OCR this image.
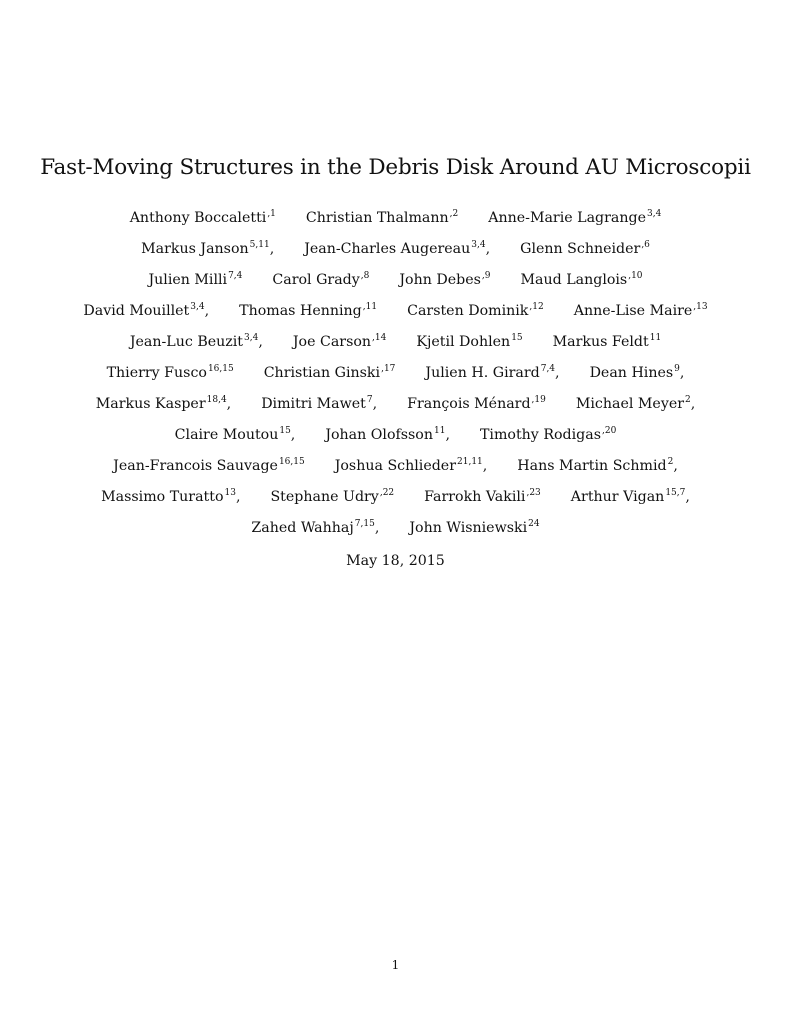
Fast-Moving Structures in the Debris Disk Around AU Microscopii
Anthony Boccaletti$^{,1}$ Christian Thalmann$^{,2}$ Anne-Marie Lagrange$^{3,4}$
Markus Janson$^{5,11}$, Jean-Charles Augereau$^{3,4}$, Glenn Schneider$^{,6}$
Julien Milli$^{7,4}$ Carol Grady$^{,8}$ John Debes$^{,9}$ Maud Langlois$^{,10}$
David Mouillet$^{3,4}$, Thomas Henning$^{,11}$ Carsten Dominik$^{,12}$ Anne-Lise Maire$^{,13}$
Jean-Luc Beuzit$^{3,4}$, Joe Carson$^{,14}$ Kjetil Dohlen$^{15}$ Markus Feldt$^{11}$
Thierry Fusco$^{16,15}$ Christian Ginski$^{,17}$ Julien H. Girard$^{7,4}$, Dean Hines$^9$,
Markus Kasper$^{18,4}$, Dimitri Mawet$^7$, François Ménard$^{,19}$ Michael Meyer$^2$,
Claire Moutou$^{15}$, Johan Olofsson$^{11}$, Timothy Rodigas$^{,20}$
Jean-Francois Sauvage$^{16,15}$ Joshua Schlieder$^{21,11}$, Hans Martin Schmid$^2$,
Massimo Turatto$^{13}$, Stephane Udry$^{,22}$ Farrokh Vakili$^{,23}$ Arthur Vigan$^{15,7}$,
Zahed Wahhaj$^{7,15}$, John Wisniewski$^{24}$
May 18, 2015
1
